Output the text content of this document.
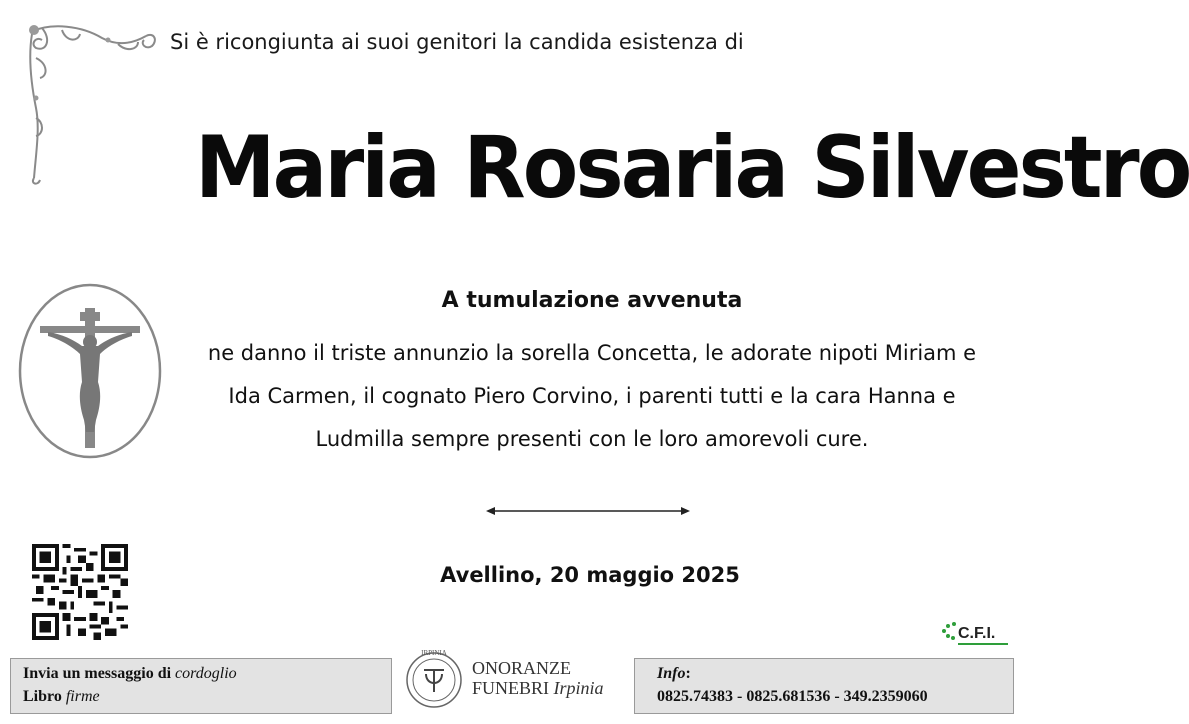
Si è ricongiunta ai suoi genitori la candida esistenza di
Maria Rosaria Silvestro
A tumulazione avvenuta
ne danno il triste annunzio la sorella Concetta, le adorate nipoti Miriam e
Ida Carmen, il cognato Piero Corvino, i parenti tutti e la cara Hanna e
Ludmilla sempre presenti con le loro amorevoli cure.
Avellino, 20 maggio 2025
C.F.I.
Invia un messaggio di cordoglio
Libro firme
IRPINIA
ONORANZE
FUNEBRI Irpinia
Info:
0825.74383 - 0825.681536 - 349.2359060
